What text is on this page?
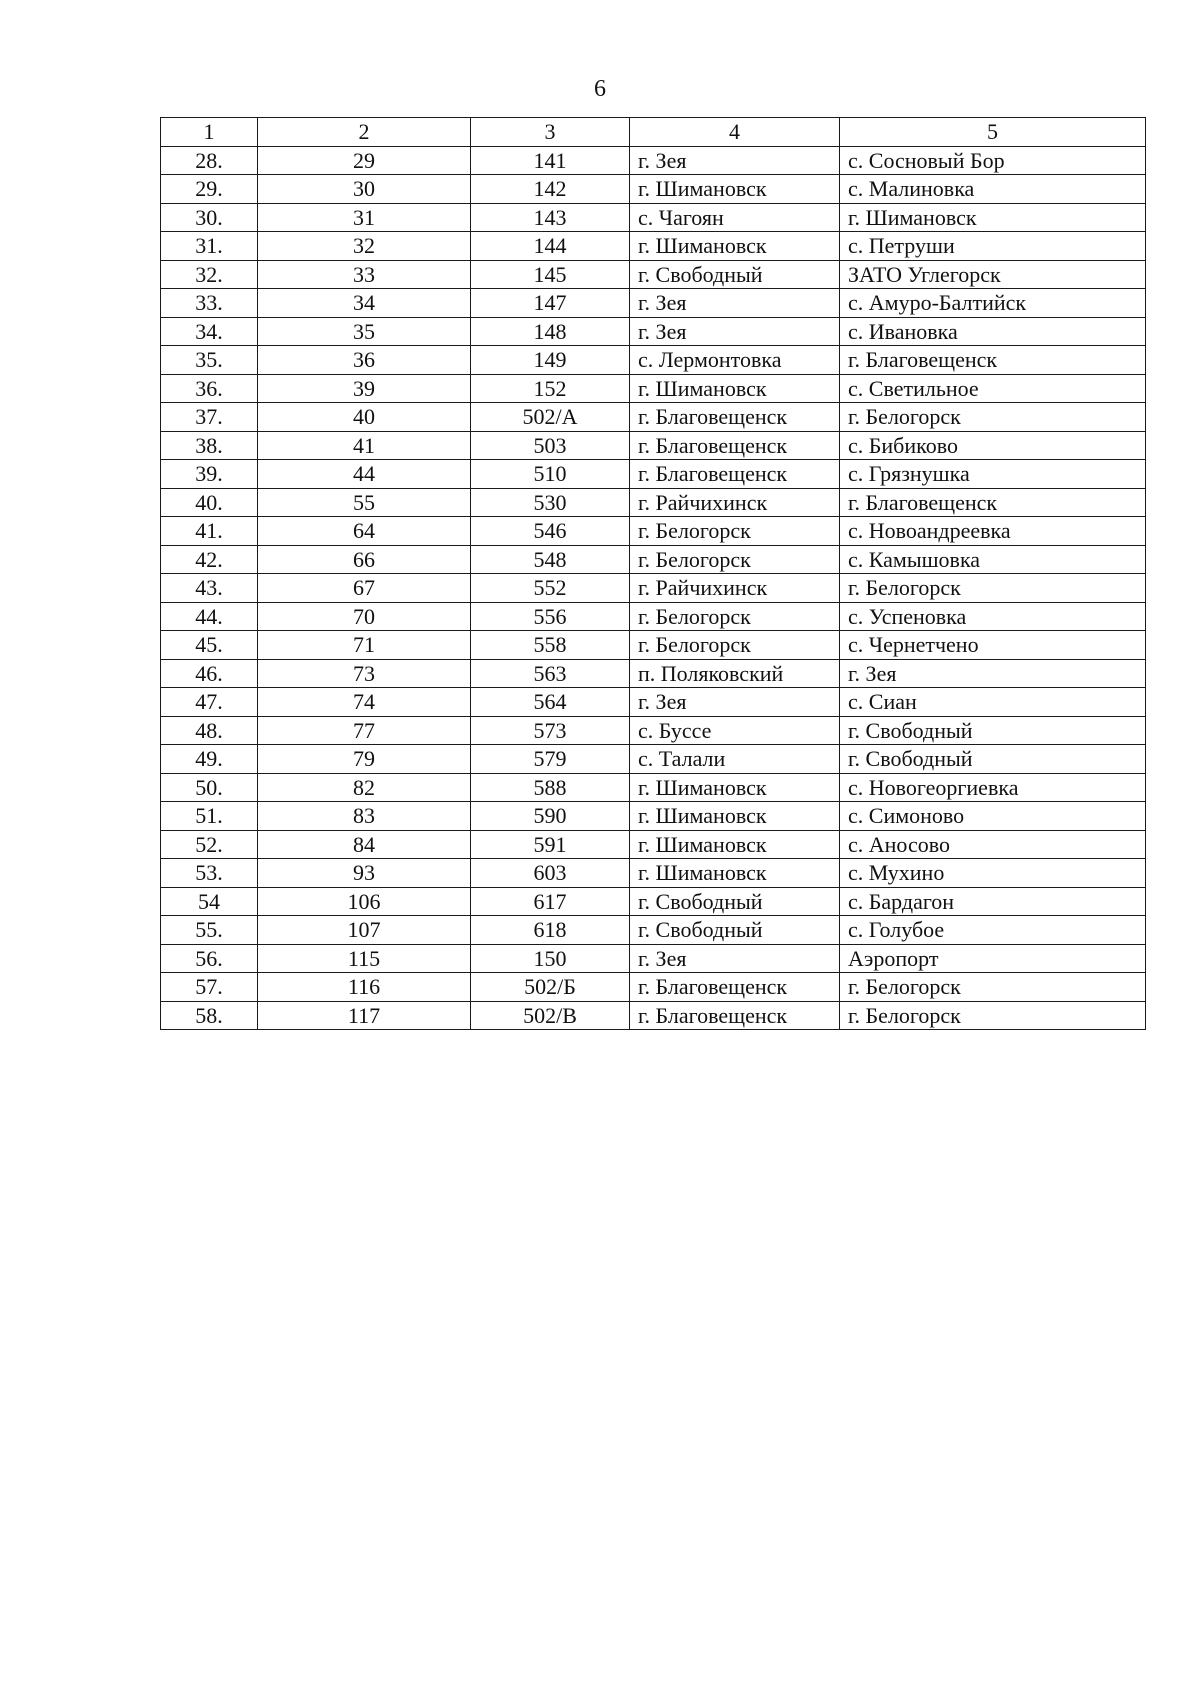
6
1	2	3	4	5
28.	29	141	г. Зея	с. Сосновый Бор
29.	30	142	г. Шимановск	с. Малиновка
30.	31	143	с. Чагоян	г. Шимановск
31.	32	144	г. Шимановск	с. Петруши
32.	33	145	г. Свободный	ЗАТО Углегорск
33.	34	147	г. Зея	с. Амуро-Балтийск
34.	35	148	г. Зея	с. Ивановка
35.	36	149	с. Лермонтовка	г. Благовещенск
36.	39	152	г. Шимановск	с. Светильное
37.	40	502/А	г. Благовещенск	г. Белогорск
38.	41	503	г. Благовещенск	с. Бибиково
39.	44	510	г. Благовещенск	с. Грязнушка
40.	55	530	г. Райчихинск	г. Благовещенск
41.	64	546	г. Белогорск	с. Новоандреевка
42.	66	548	г. Белогорск	с. Камышовка
43.	67	552	г. Райчихинск	г. Белогорск
44.	70	556	г. Белогорск	с. Успеновка
45.	71	558	г. Белогорск	с. Чернетчено
46.	73	563	п. Поляковский	г. Зея
47.	74	564	г. Зея	с. Сиан
48.	77	573	с. Буссе	г. Свободный
49.	79	579	с. Талали	г. Свободный
50.	82	588	г. Шимановск	с. Новогеоргиевка
51.	83	590	г. Шимановск	с. Симоново
52.	84	591	г. Шимановск	с. Аносово
53.	93	603	г. Шимановск	с. Мухино
54	106	617	г. Свободный	с. Бардагон
55.	107	618	г. Свободный	с. Голубое
56.	115	150	г. Зея	Аэропорт
57.	116	502/Б	г. Благовещенск	г. Белогорск
58.	117	502/В	г. Благовещенск	г. Белогорск
